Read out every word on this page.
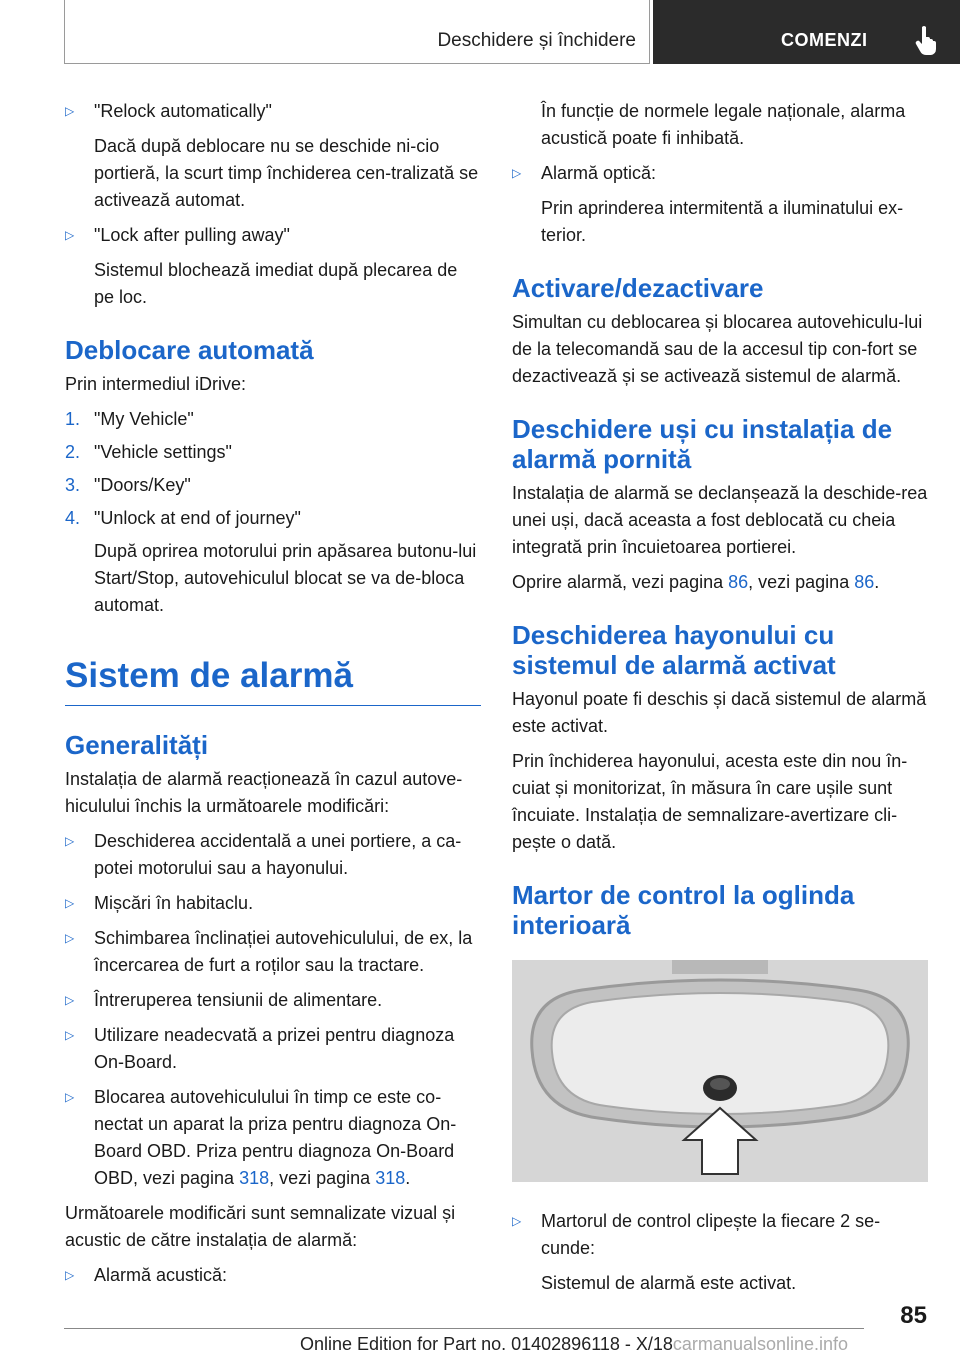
Deschidere și închidere	COMENZI
▷ "Relock automatically"
Dacă după deblocare nu se deschide ni-cio portieră, la scurt timp închiderea cen-tralizată se activează automat.
▷ "Lock after pulling away"
Sistemul blochează imediat după plecarea de pe loc.
Deblocare automată
Prin intermediul iDrive:
1. "My Vehicle"
2. "Vehicle settings"
3. "Doors/Key"
4. "Unlock at end of journey"
După oprirea motorului prin apăsarea butonu-lui Start/Stop, autovehiculul blocat se va de-bloca automat.
Sistem de alarmă
Generalități
Instalația de alarmă reacționează în cazul autove-hiculului închis la următoarele modificări:
▷ Deschiderea accidentală a unei portiere, a ca-potei motorului sau a hayonului.
▷ Mișcări în habitaclu.
▷ Schimbarea înclinației autovehiculului, de ex, la încercarea de furt a roților sau la tractare.
▷ Întreruperea tensiunii de alimentare.
▷ Utilizare neadecvată a prizei pentru diagnoza On-Board.
▷ Blocarea autovehiculului în timp ce este co-nectat un aparat la priza pentru diagnoza On-Board OBD. Priza pentru diagnoza On-Board OBD, vezi pagina 318, vezi pagina 318.
Următoarele modificări sunt semnalizate vizual și acustic de către instalația de alarmă:
▷ Alarmă acustică:
În funcție de normele legale naționale, alarma acustică poate fi inhibată.
▷ Alarmă optică:
Prin aprinderea intermitentă a iluminatului ex-terior.
Activare/dezactivare
Simultan cu deblocarea și blocarea autovehiculu-lui de la telecomandă sau de la accesul tip con-fort se dezactivează și se activează sistemul de alarmă.
Deschidere uși cu instalația de alarmă pornită
Instalația de alarmă se declanșează la deschide-rea unei uși, dacă aceasta a fost deblocată cu cheia integrată prin încuietoarea portierei.
Oprire alarmă, vezi pagina 86, vezi pagina 86.
Deschiderea hayonului cu sistemul de alarmă activat
Hayonul poate fi deschis și dacă sistemul de alarmă este activat.
Prin închiderea hayonului, acesta este din nou în-cuiat și monitorizat, în măsura în care ușile sunt încuiate. Instalația de semnalizare-avertizare cli-pește o dată.
Martor de control la oglinda interioară
▷ Martorul de control clipește la fiecare 2 se-cunde:
Sistemul de alarmă este activat.
85
Online Edition for Part no. 01402896118 - X/18carmanualsonline.info
